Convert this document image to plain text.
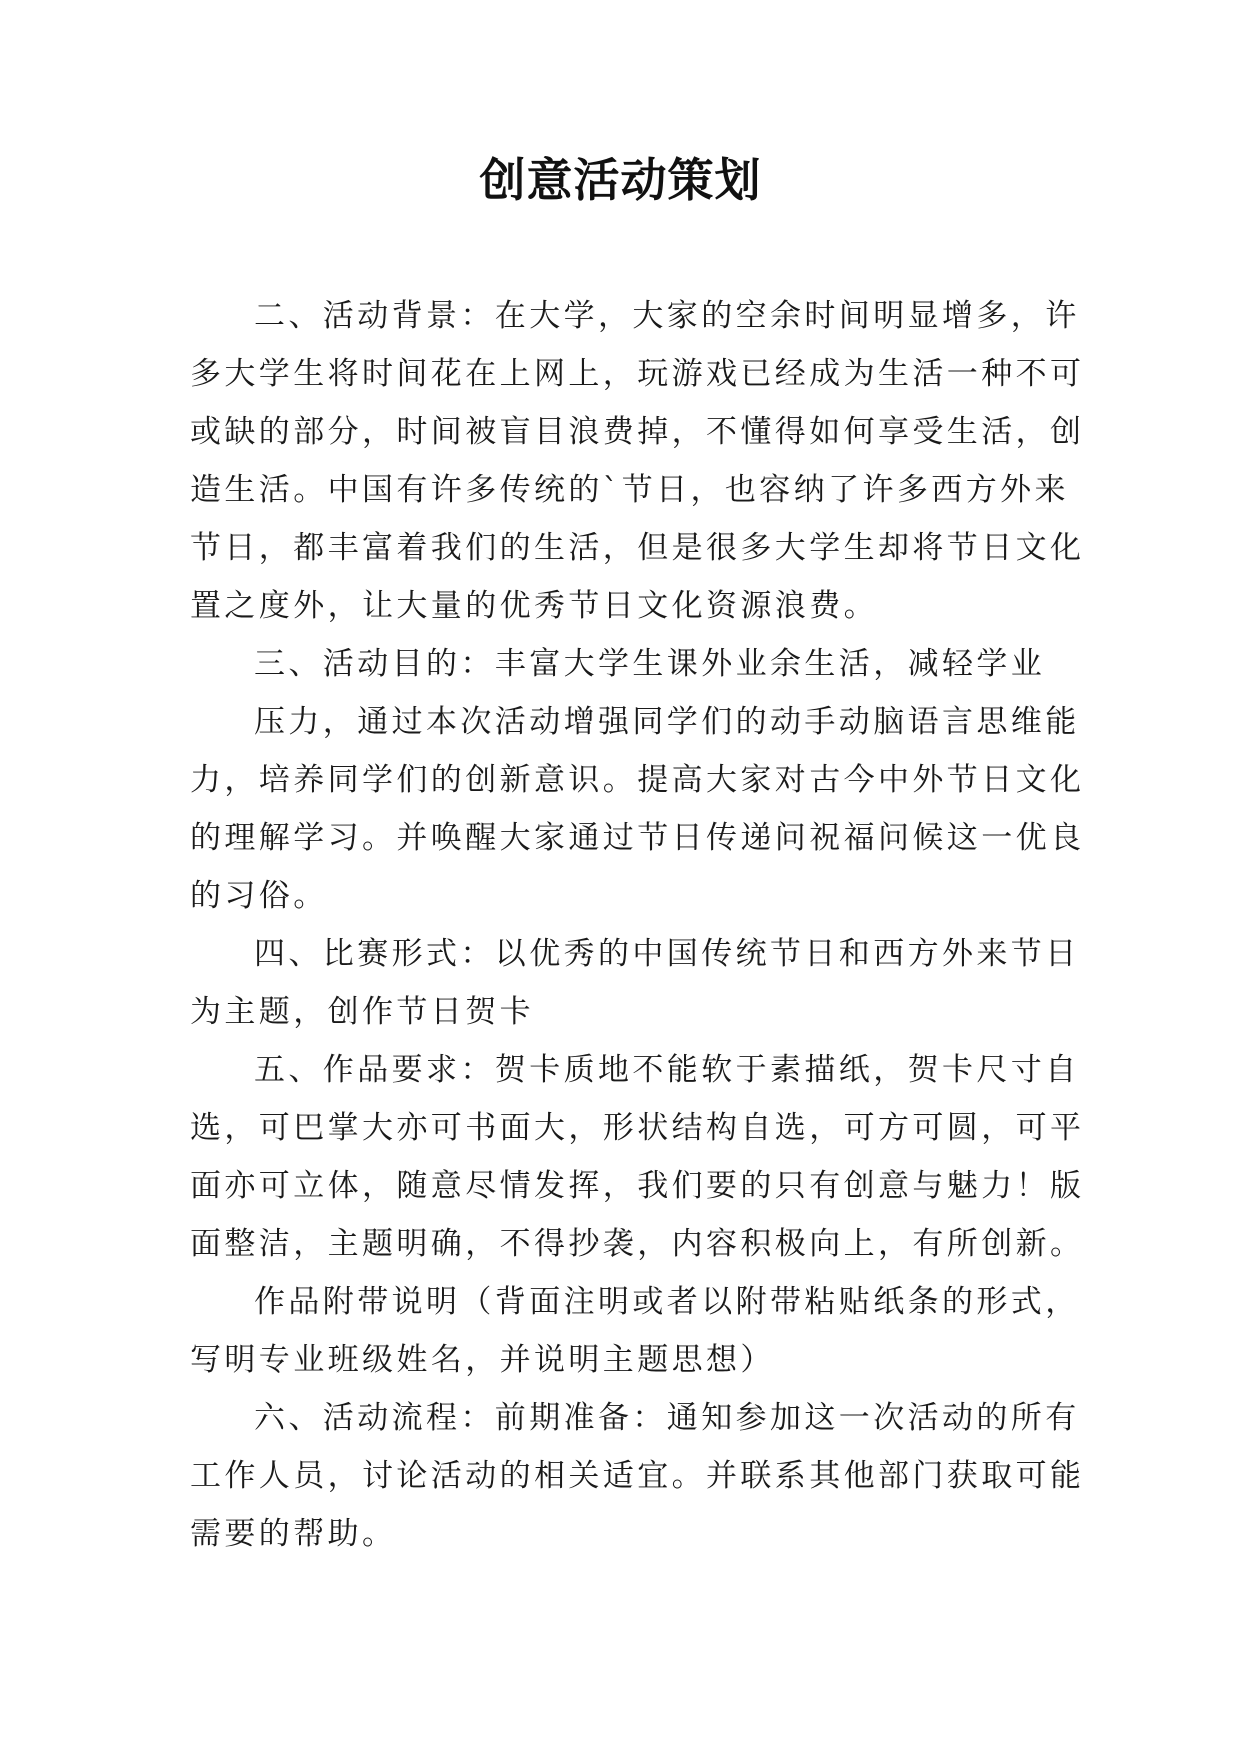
创意活动策划
二、活动背景：在大学，大家的空余时间明显增多，许
多大学生将时间花在上网上，玩游戏已经成为生活一种不可
或缺的部分，时间被盲目浪费掉，不懂得如何享受生活，创
造生活。中国有许多传统的`节日，也容纳了许多西方外来
节日，都丰富着我们的生活，但是很多大学生却将节日文化
置之度外，让大量的优秀节日文化资源浪费。
三、活动目的：丰富大学生课外业余生活，减轻学业
压力，通过本次活动增强同学们的动手动脑语言思维能
力，培养同学们的创新意识。提高大家对古今中外节日文化
的理解学习。并唤醒大家通过节日传递问祝福问候这一优良
的习俗。
四、比赛形式：以优秀的中国传统节日和西方外来节日
为主题，创作节日贺卡
五、作品要求：贺卡质地不能软于素描纸，贺卡尺寸自
选，可巴掌大亦可书面大，形状结构自选，可方可圆，可平
面亦可立体，随意尽情发挥，我们要的只有创意与魅力！版
面整洁，主题明确，不得抄袭，内容积极向上，有所创新。
作品附带说明（背面注明或者以附带粘贴纸条的形式，
写明专业班级姓名，并说明主题思想）
六、活动流程：前期准备：通知参加这一次活动的所有
工作人员，讨论活动的相关适宜。并联系其他部门获取可能
需要的帮助。
